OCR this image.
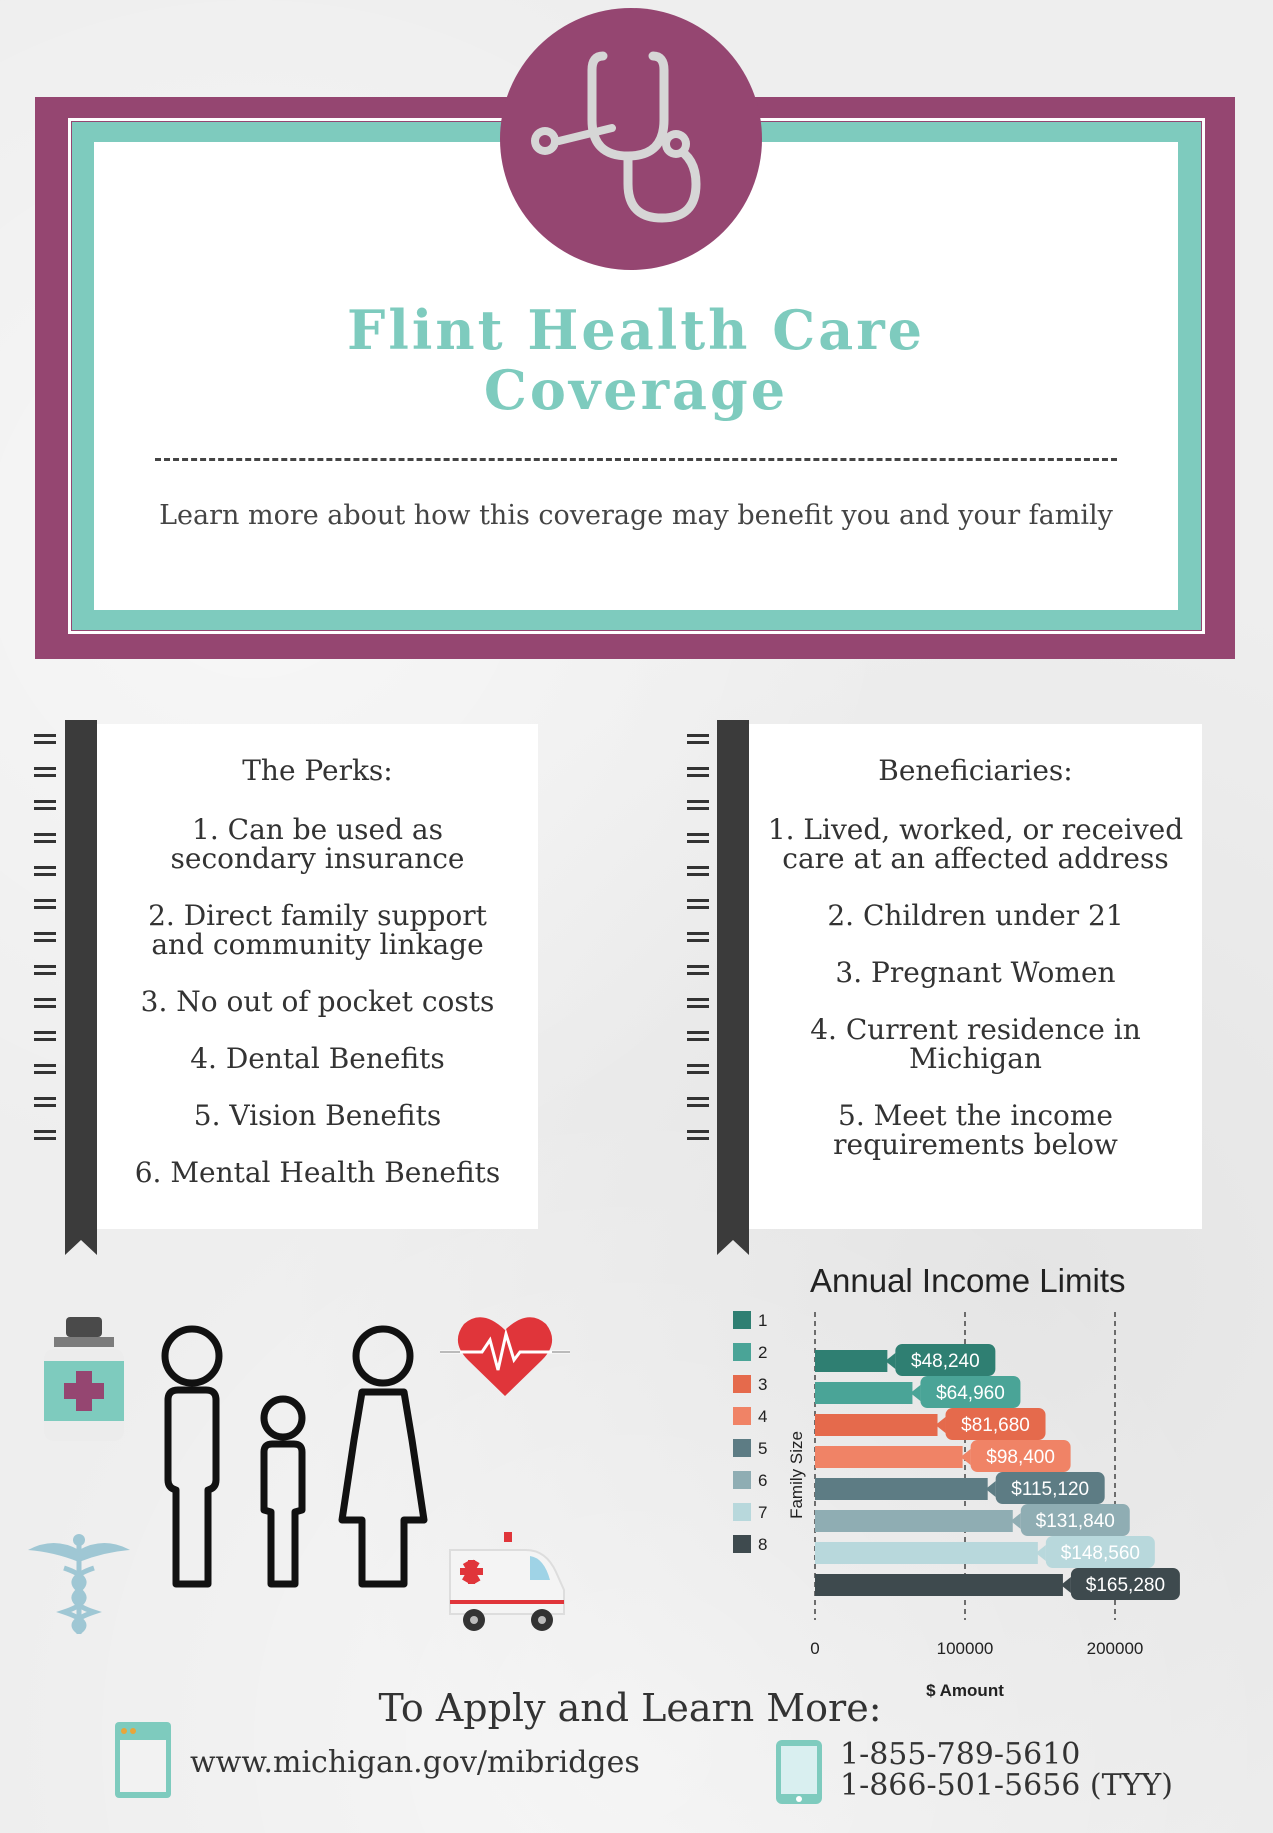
Flint Health Care
Coverage
Learn more about how this coverage may benefit you and your family
The Perks:
1. Can be used as
secondary insurance
2. Direct family support
and community linkage
3. No out of pocket costs
4. Dental Benefits
5. Vision Benefits
6. Mental Health Benefits
Beneficiaries:
1. Lived, worked, or received
care at an affected address
2. Children under 21
3. Pregnant Women
4. Current residence in
Michigan
5. Meet the income
requirements below
Annual Income Limits
0	100000	200000
1
$48,240
2
$64,960
3
$81,680
4
$98,400
5
$115,120
6
$131,840
7
$148,560
8
$165,280
Family Size
$ Amount
To Apply and Learn More:
www.michigan.gov/mibridges	1-855-789-5610
1-866-501-5656 (TYY)
